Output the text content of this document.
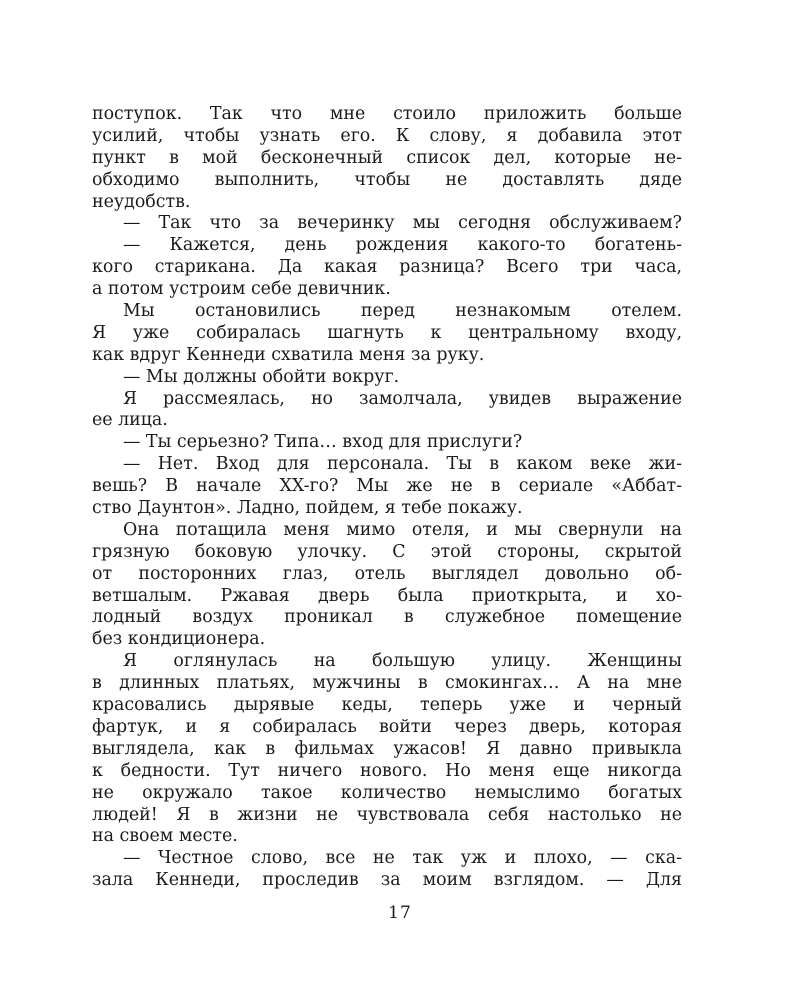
поступок. Так что мне стоило приложить больше
усилий, чтобы узнать его. К слову, я добавила этот
пункт в мой бесконечный список дел, которые не-
обходимо выполнить, чтобы не доставлять дяде
неудобств.
— Так что за вечеринку мы сегодня обслуживаем?
— Кажется, день рождения какого-то богатень-
кого старикана. Да какая разница? Всего три часа,
а потом устроим себе девичник.
Мы остановились перед незнакомым отелем.
Я уже собиралась шагнуть к центральному входу,
как вдруг Кеннеди схватила меня за руку.
— Мы должны обойти вокруг.
Я рассмеялась, но замолчала, увидев выражение
ее лица.
— Ты серьезно? Типа… вход для прислуги?
— Нет. Вход для персонала. Ты в каком веке жи-
вешь? В начале XX-го? Мы же не в сериале «Аббат-
ство Даунтон». Ладно, пойдем, я тебе покажу.
Она потащила меня мимо отеля, и мы свернули на
грязную боковую улочку. С этой стороны, скрытой
от посторонних глаз, отель выглядел довольно об-
ветшалым. Ржавая дверь была приоткрыта, и хо-
лодный воздух проникал в служебное помещение
без кондиционера.
Я оглянулась на большую улицу. Женщины
в длинных платьях, мужчины в смокингах… А на мне
красовались дырявые кеды, теперь уже и черный
фартук, и я собиралась войти через дверь, которая
выглядела, как в фильмах ужасов! Я давно привыкла
к бедности. Тут ничего нового. Но меня еще никогда
не окружало такое количество немыслимо богатых
людей! Я в жизни не чувствовала себя настолько не
на своем месте.
— Честное слово, все не так уж и плохо, — ска-
зала Кеннеди, проследив за моим взглядом. — Для
17
